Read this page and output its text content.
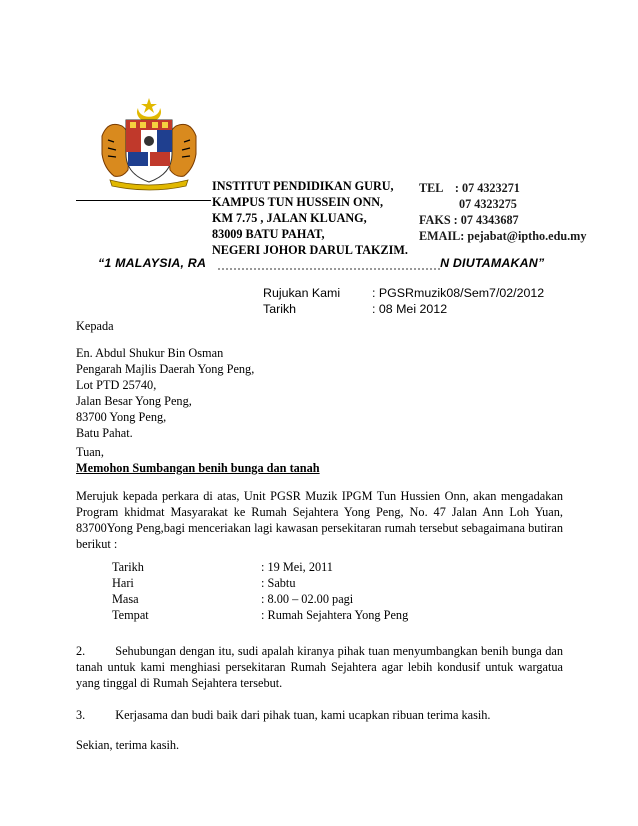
INSTITUT PENDIDIKAN GURU,
KAMPUS TUN HUSSEIN ONN,
KM 7.75 , JALAN KLUANG,
83009 BATU PAHAT,
NEGERI JOHOR DARUL TAKZIM.
TEL    : 07 4323271
07 4323275
FAKS : 07 4343687
EMAIL: pejabat@iptho.edu.my
“1 MALAYSIA, RA	N DIUTAMAKAN”
Rujukan Kami	: PGSRmuzik08/Sem7/02/2012
Tarikh	: 08 Mei 2012
Kepada
En. Abdul Shukur Bin Osman
Pengarah Majlis Daerah Yong Peng,
Lot PTD 25740,
Jalan Besar Yong Peng,
83700 Yong Peng,
Batu Pahat.
Tuan,
Memohon Sumbangan benih bunga dan tanah
Merujuk kepada perkara di atas, Unit PGSR Muzik IPGM Tun Hussien Onn, akan mengadakan Program khidmat Masyarakat ke Rumah Sejahtera Yong Peng, No. 47 Jalan Ann Loh Yuan, 83700Yong Peng,bagi menceriakan lagi kawasan persekitaran rumah tersebut sebagaimana butiran berikut :
Tarikh	: 19 Mei, 2011
Hari	: Sabtu
Masa	: 8.00 – 02.00 pagi
Tempat	: Rumah Sejahtera Yong Peng
2. Sehubungan dengan itu, sudi apalah kiranya pihak tuan menyumbangkan benih bunga dan tanah untuk kami menghiasi persekitaran Rumah Sejahtera agar lebih kondusif untuk wargatua yang tinggal di Rumah Sejahtera tersebut.
3. Kerjasama dan budi baik dari pihak tuan, kami ucapkan ribuan terima kasih.
Sekian, terima kasih.
